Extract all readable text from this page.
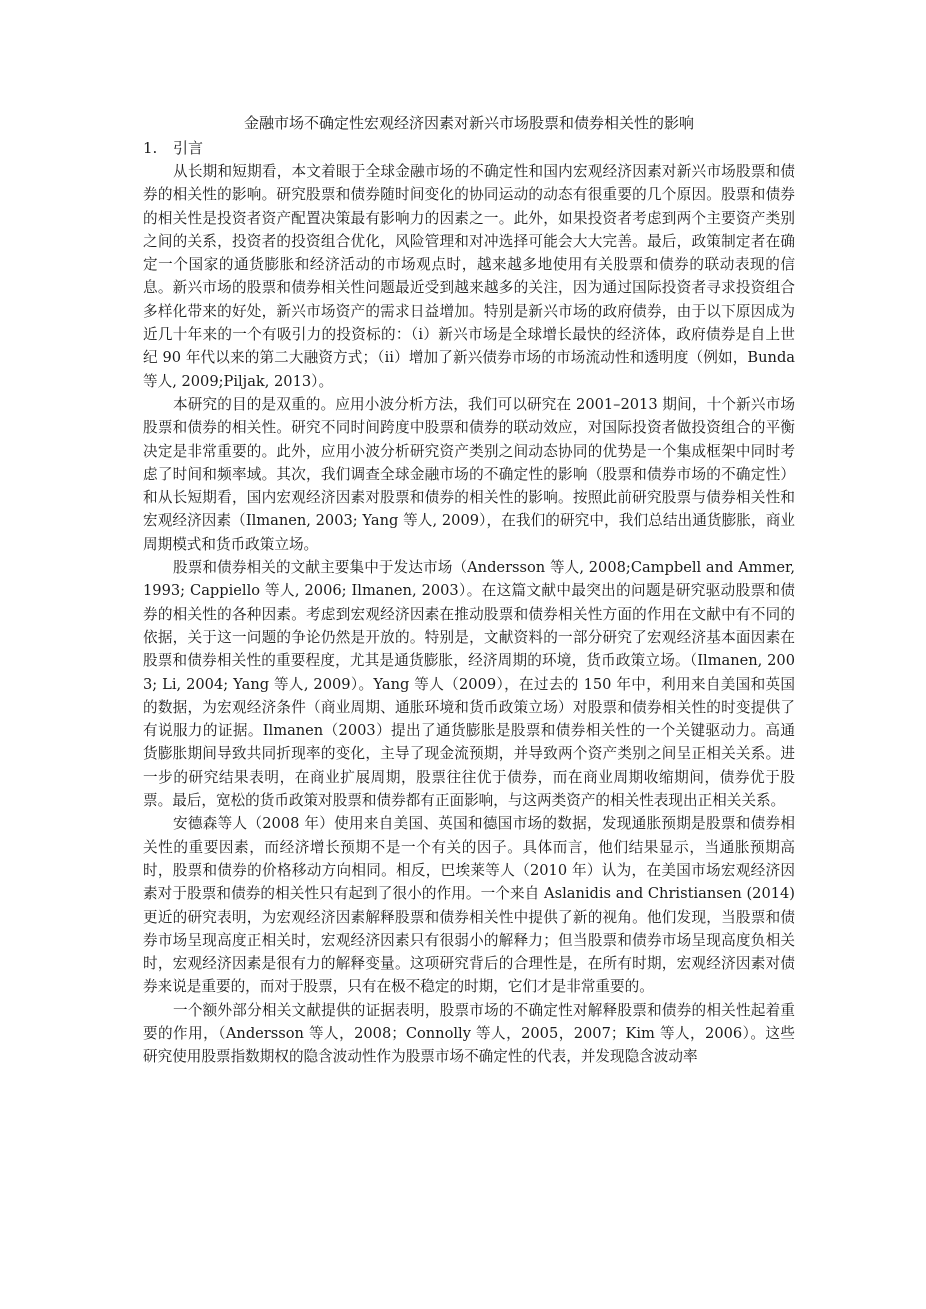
金融市场不确定性宏观经济因素对新兴市场股票和债券相关性的影响
1.	引言

从长期和短期看，本文着眼于全球金融市场的不确定性和国内宏观经济因素对新兴市场股票和债券的相关性的影响。研究股票和债券随时间变化的协同运动的动态有很重要的几个原因。股票和债券的相关性是投资者资产配置决策最有影响力的因素之一。此外，如果投资者考虑到两个主要资产类别之间的关系，投资者的投资组合优化，风险管理和对冲选择可能会大大完善。最后，政策制定者在确定一个国家的通货膨胀和经济活动的市场观点时，越来越多地使用有关股票和债券的联动表现的信息。新兴市场的股票和债券相关性问题最近受到越来越多的关注，因为通过国际投资者寻求投资组合多样化带来的好处，新兴市场资产的需求日益增加。特别是新兴市场的政府债券，由于以下原因成为近几十年来的一个有吸引力的投资标的：（i）新兴市场是全球增长最快的经济体，政府债券是自上世纪 90 年代以来的第二大融资方式；（ii）增加了新兴债券市场的市场流动性和透明度（例如，Bunda 等人, 2009;Piljak, 2013）。

本研究的目的是双重的。应用小波分析方法，我们可以研究在 2001–2013 期间，十个新兴市场股票和债券的相关性。研究不同时间跨度中股票和债券的联动效应，对国际投资者做投资组合的平衡决定是非常重要的。此外，应用小波分析研究资产类别之间动态协同的优势是一个集成框架中同时考虑了时间和频率域。其次，我们调查全球金融市场的不确定性的影响（股票和债券市场的不确定性）和从长短期看，国内宏观经济因素对股票和债券的相关性的影响。按照此前研究股票与债券相关性和宏观经济因素（Ilmanen, 2003; Yang 等人, 2009），在我们的研究中，我们总结出通货膨胀，商业周期模式和货币政策立场。

股票和债券相关的文献主要集中于发达市场（Andersson 等人, 2008;Campbell and Ammer, 1993; Cappiello 等人, 2006; Ilmanen, 2003）。在这篇文献中最突出的问题是研究驱动股票和债券的相关性的各种因素。考虑到宏观经济因素在推动股票和债券相关性方面的作用在文献中有不同的依据，关于这一问题的争论仍然是开放的。特别是，文献资料的一部分研究了宏观经济基本面因素在股票和债券相关性的重要程度，尤其是通货膨胀，经济周期的环境，货币政策立场。（Ilmanen, 2003; Li, 2004; Yang 等人, 2009）。Yang 等人（2009），在过去的 150 年中，利用来自美国和英国的数据，为宏观经济条件（商业周期、通胀环境和货币政策立场）对股票和债券相关性的时变提供了有说服力的证据。Ilmanen（2003）提出了通货膨胀是股票和债券相关性的一个关键驱动力。高通货膨胀期间导致共同折现率的变化，主导了现金流预期，并导致两个资产类别之间呈正相关关系。进一步的研究结果表明，在商业扩展周期，股票往往优于债券，而在商业周期收缩期间，债券优于股票。最后，宽松的货币政策对股票和债券都有正面影响，与这两类资产的相关性表现出正相关关系。

安德森等人（2008 年）使用来自美国、英国和德国市场的数据，发现通胀预期是股票和债券相关性的重要因素，而经济增长预期不是一个有关的因子。具体而言，他们结果显示，当通胀预期高时，股票和债券的价格移动方向相同。相反，巴埃莱等人（2010 年）认为，在美国市场宏观经济因素对于股票和债券的相关性只有起到了很小的作用。一个来自 Aslanidis and Christiansen (2014)更近的研究表明，为宏观经济因素解释股票和债券相关性中提供了新的视角。他们发现，当股票和债券市场呈现高度正相关时，宏观经济因素只有很弱小的解释力；但当股票和债券市场呈现高度负相关时，宏观经济因素是很有力的解释变量。这项研究背后的合理性是，在所有时期，宏观经济因素对债券来说是重要的，而对于股票，只有在极不稳定的时期，它们才是非常重要的。

一个额外部分相关文献提供的证据表明，股票市场的不确定性对解释股票和债券的相关性起着重要的作用，（Andersson 等人，2008；Connolly 等人，2005，2007；Kim 等人，2006）。这些研究使用股票指数期权的隐含波动性作为股票市场不确定性的代表，并发现隐含波动率
